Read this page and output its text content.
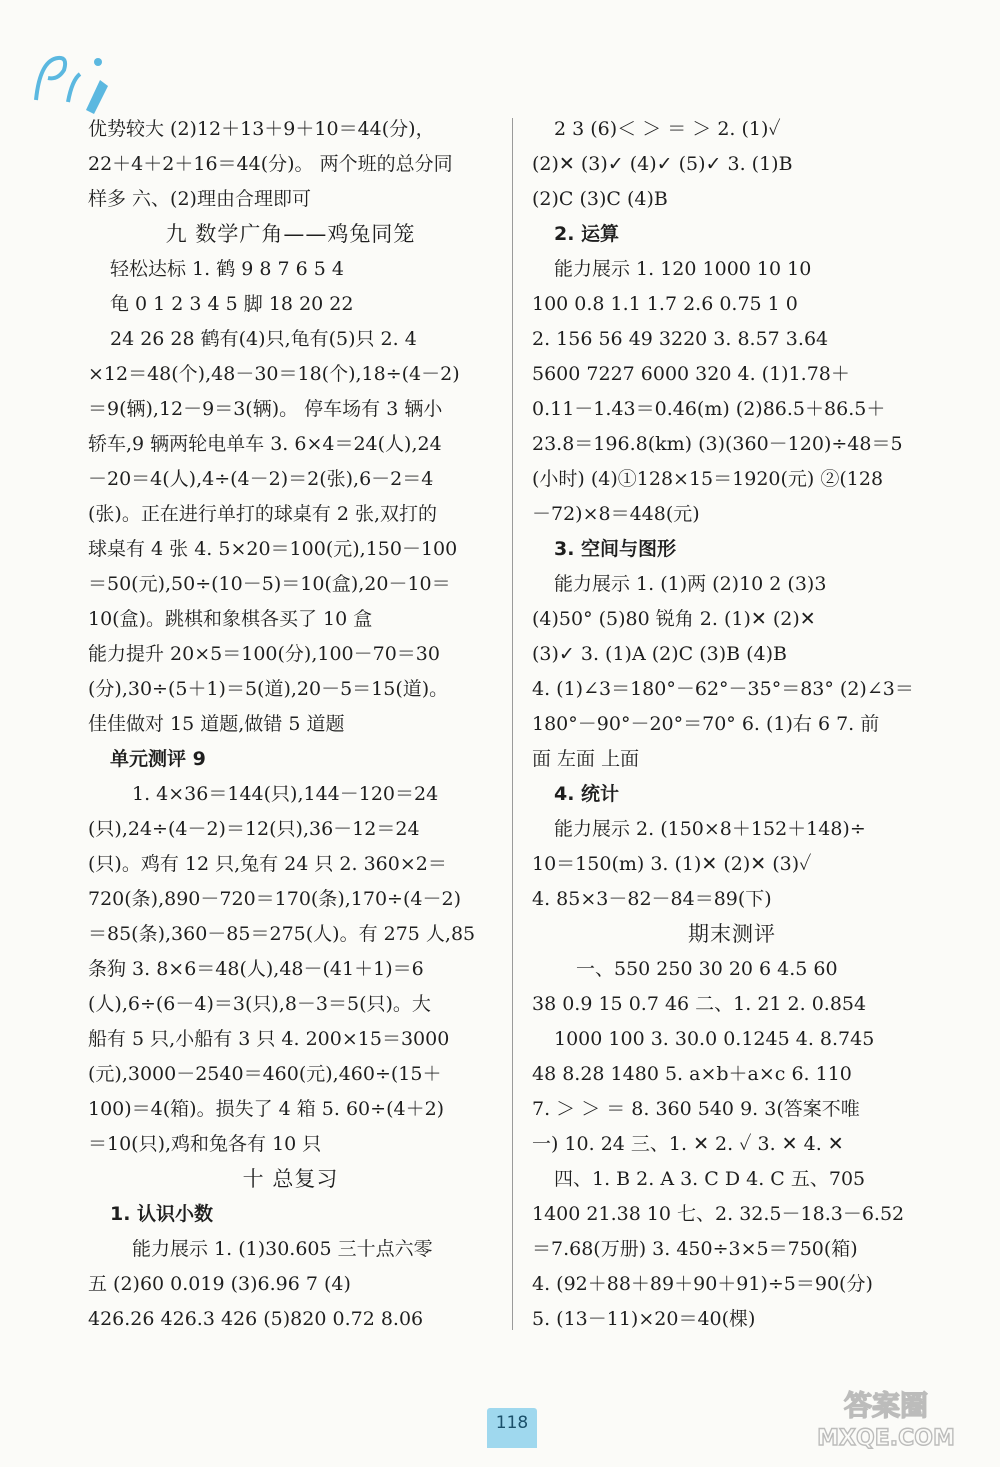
优势较大 (2)12＋13＋9＋10＝44(分)，
22＋4＋2＋16＝44(分)。 两个班的总分同
样多 六、(2)理由合理即可
九 数学广角——鸡兔同笼
轻松达标 1. 鹤 9 8 7 6 5 4
龟 0 1 2 3 4 5 脚 18 20 22
24 26 28 鹤有(4)只,龟有(5)只 2. 4
×12＝48(个),48－30＝18(个),18÷(4－2)
＝9(辆),12－9＝3(辆)。 停车场有 3 辆小
轿车,9 辆两轮电单车 3. 6×4＝24(人),24
－20＝4(人),4÷(4－2)＝2(张),6－2＝4
(张)。正在进行单打的球桌有 2 张,双打的
球桌有 4 张 4. 5×20＝100(元),150－100
＝50(元),50÷(10－5)＝10(盒),20－10＝
10(盒)。跳棋和象棋各买了 10 盒
能力提升 20×5＝100(分),100－70＝30
(分),30÷(5＋1)＝5(道),20－5＝15(道)。
佳佳做对 15 道题,做错 5 道题
单元测评 9
1. 4×36＝144(只),144－120＝24
(只),24÷(4－2)＝12(只),36－12＝24
(只)。鸡有 12 只,兔有 24 只 2. 360×2＝
720(条),890－720＝170(条),170÷(4－2)
＝85(条),360－85＝275(人)。有 275 人,85
条狗 3. 8×6＝48(人),48－(41＋1)＝6
(人),6÷(6－4)＝3(只),8－3＝5(只)。大
船有 5 只,小船有 3 只 4. 200×15＝3000
(元),3000－2540＝460(元),460÷(15＋
100)＝4(箱)。损失了 4 箱 5. 60÷(4＋2)
＝10(只),鸡和兔各有 10 只
十 总复习
1. 认识小数
能力展示 1. (1)30.605 三十点六零
五 (2)60 0.019 (3)6.96 7 (4)
426.26 426.3 426 (5)820 0.72 8.06
2 3 (6)＜ ＞ ＝ ＞ 2. (1)✓
(2)✕ (3)✓ (4)✓ (5)✓ 3. (1)B
(2)C (3)C (4)B
2. 运算
能力展示 1. 120 1000 10 10
100 0.8 1.1 1.7 2.6 0.75 1 0
2. 156 56 49 3220 3. 8.57 3.64
5600 7227 6000 320 4. (1)1.78＋
0.11－1.43＝0.46(m) (2)86.5＋86.5＋
23.8＝196.8(km) (3)(360－120)÷48＝5
(小时) (4)①128×15＝1920(元) ②(128
－72)×8＝448(元)
3. 空间与图形
能力展示 1. (1)两 (2)10 2 (3)3
(4)50° (5)80 锐角 2. (1)✕ (2)✕
(3)✓ 3. (1)A (2)C (3)B (4)B
4. (1)∠3＝180°－62°－35°＝83° (2)∠3＝
180°－90°－20°＝70° 6. (1)右 6 7. 前
面 左面 上面
4. 统计
能力展示 2. (150×8＋152＋148)÷
10＝150(m) 3. (1)✕ (2)✕ (3)✓
4. 85×3－82－84＝89(下)
期末测评
一、550 250 30 20 6 4.5 60
38 0.9 15 0.7 46 二、1. 21 2. 0.854
1000 100 3. 30.0 0.1245 4. 8.745
48 8.28 1480 5. a×b＋a×c 6. 110
7. ＞ ＞ ＝ 8. 360 540 9. 3(答案不唯
一) 10. 24 三、1. ✕ 2. ✓ 3. ✕ 4. ✕
四、1. B 2. A 3. C D 4. C 五、705
1400 21.38 10 七、2. 32.5－18.3－6.52
＝7.68(万册) 3. 450÷3×5＝750(箱)
4. (92＋88＋89＋90＋91)÷5＝90(分)
5. (13－11)×20＝40(棵)
118
答案圈
MXQE.COM
